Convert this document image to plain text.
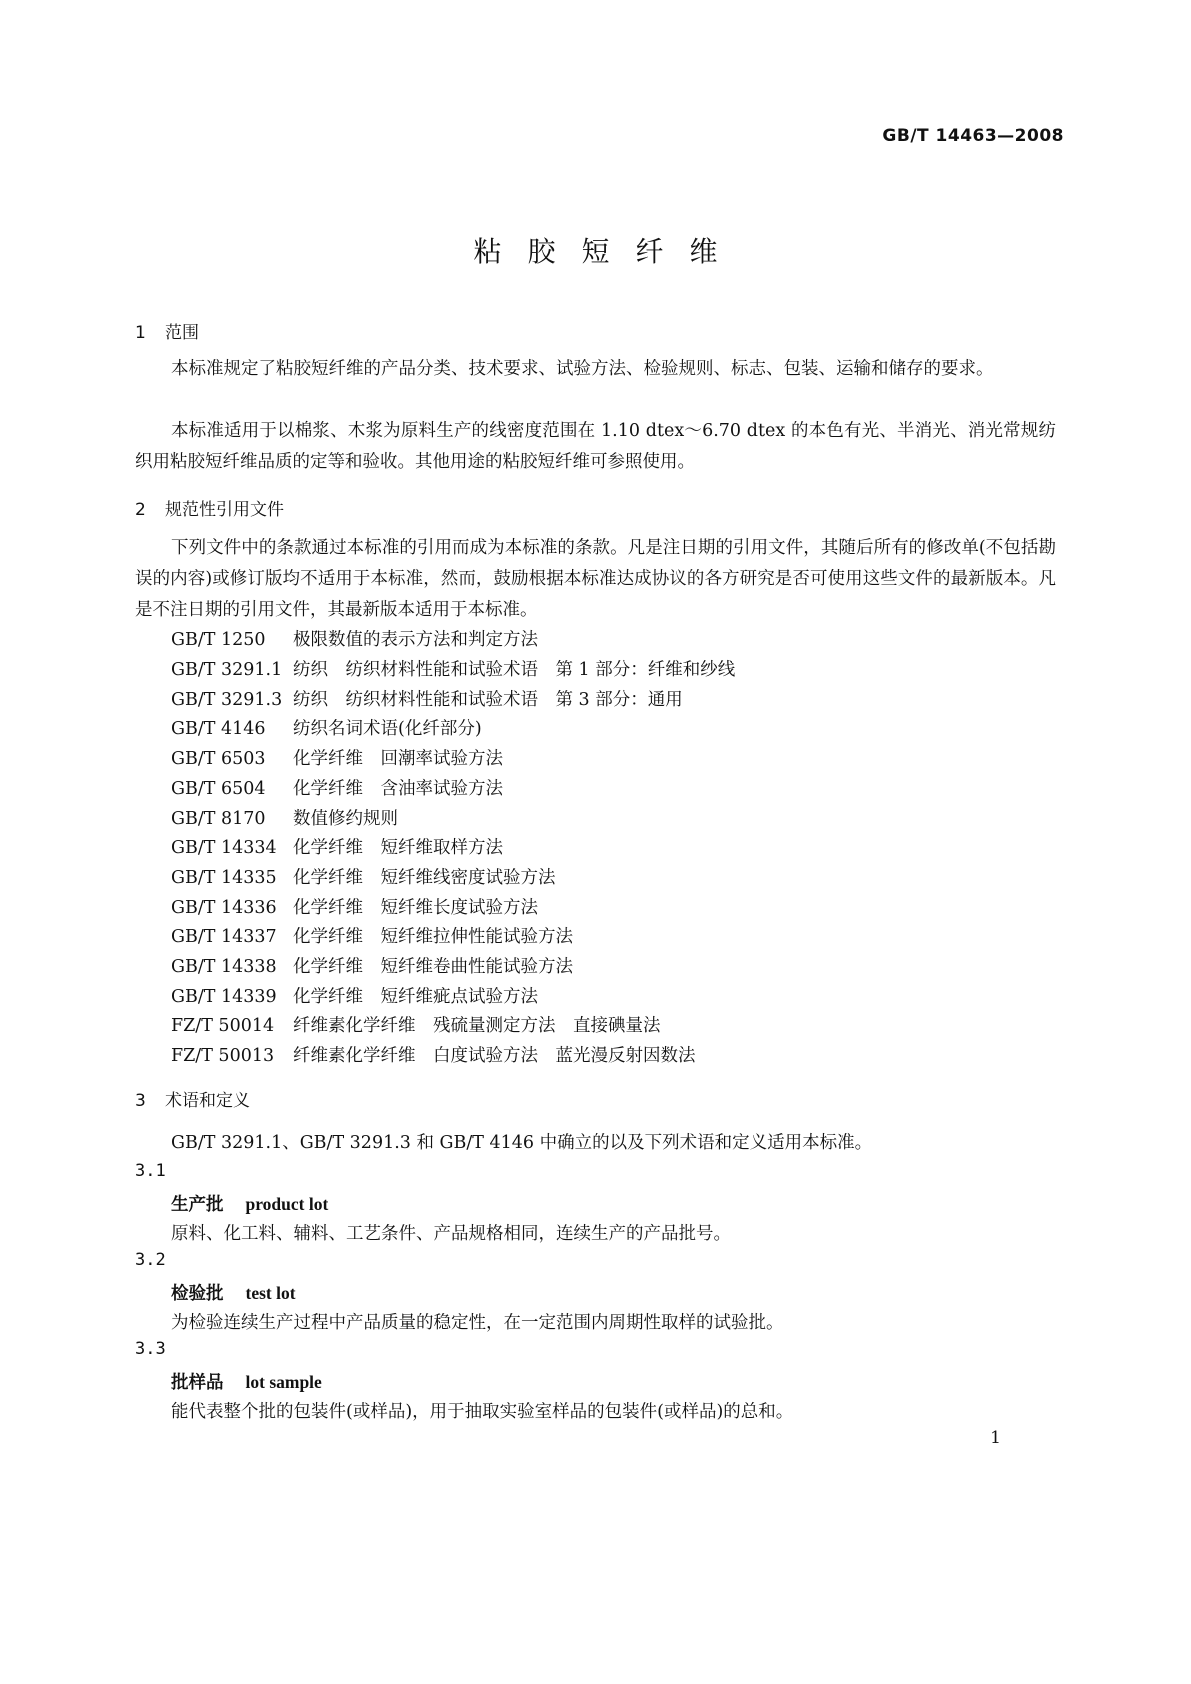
GB/T 14463—2008
粘胶短纤维
1 范围
本标准规定了粘胶短纤维的产品分类、技术要求、试验方法、检验规则、标志、包装、运输和储存的要求。
本标准适用于以棉浆、木浆为原料生产的线密度范围在 1.10 dtex～6.70 dtex 的本色有光、半消光、消光常规纺织用粘胶短纤维品质的定等和验收。其他用途的粘胶短纤维可参照使用。
2 规范性引用文件
下列文件中的条款通过本标准的引用而成为本标准的条款。凡是注日期的引用文件，其随后所有的修改单(不包括勘误的内容)或修订版均不适用于本标准，然而，鼓励根据本标准达成协议的各方研究是否可使用这些文件的最新版本。凡是不注日期的引用文件，其最新版本适用于本标准。
GB/T 1250 极限数值的表示方法和判定方法
GB/T 3291.1 纺织　纺织材料性能和试验术语　第 1 部分：纤维和纱线
GB/T 3291.3 纺织　纺织材料性能和试验术语　第 3 部分：通用
GB/T 4146 纺织名词术语(化纤部分)
GB/T 6503 化学纤维　回潮率试验方法
GB/T 6504 化学纤维　含油率试验方法
GB/T 8170 数值修约规则
GB/T 14334 化学纤维　短纤维取样方法
GB/T 14335 化学纤维　短纤维线密度试验方法
GB/T 14336 化学纤维　短纤维长度试验方法
GB/T 14337 化学纤维　短纤维拉伸性能试验方法
GB/T 14338 化学纤维　短纤维卷曲性能试验方法
GB/T 14339 化学纤维　短纤维疵点试验方法
FZ/T 50014 纤维素化学纤维　残硫量测定方法　直接碘量法
FZ/T 50013 纤维素化学纤维　白度试验方法　蓝光漫反射因数法
3 术语和定义
GB/T 3291.1、GB/T 3291.3 和 GB/T 4146 中确立的以及下列术语和定义适用本标准。
3.1
生产批 product lot
原料、化工料、辅料、工艺条件、产品规格相同，连续生产的产品批号。
3.2
检验批 test lot
为检验连续生产过程中产品质量的稳定性，在一定范围内周期性取样的试验批。
3.3
批样品 lot sample
能代表整个批的包装件(或样品)，用于抽取实验室样品的包装件(或样品)的总和。
1
